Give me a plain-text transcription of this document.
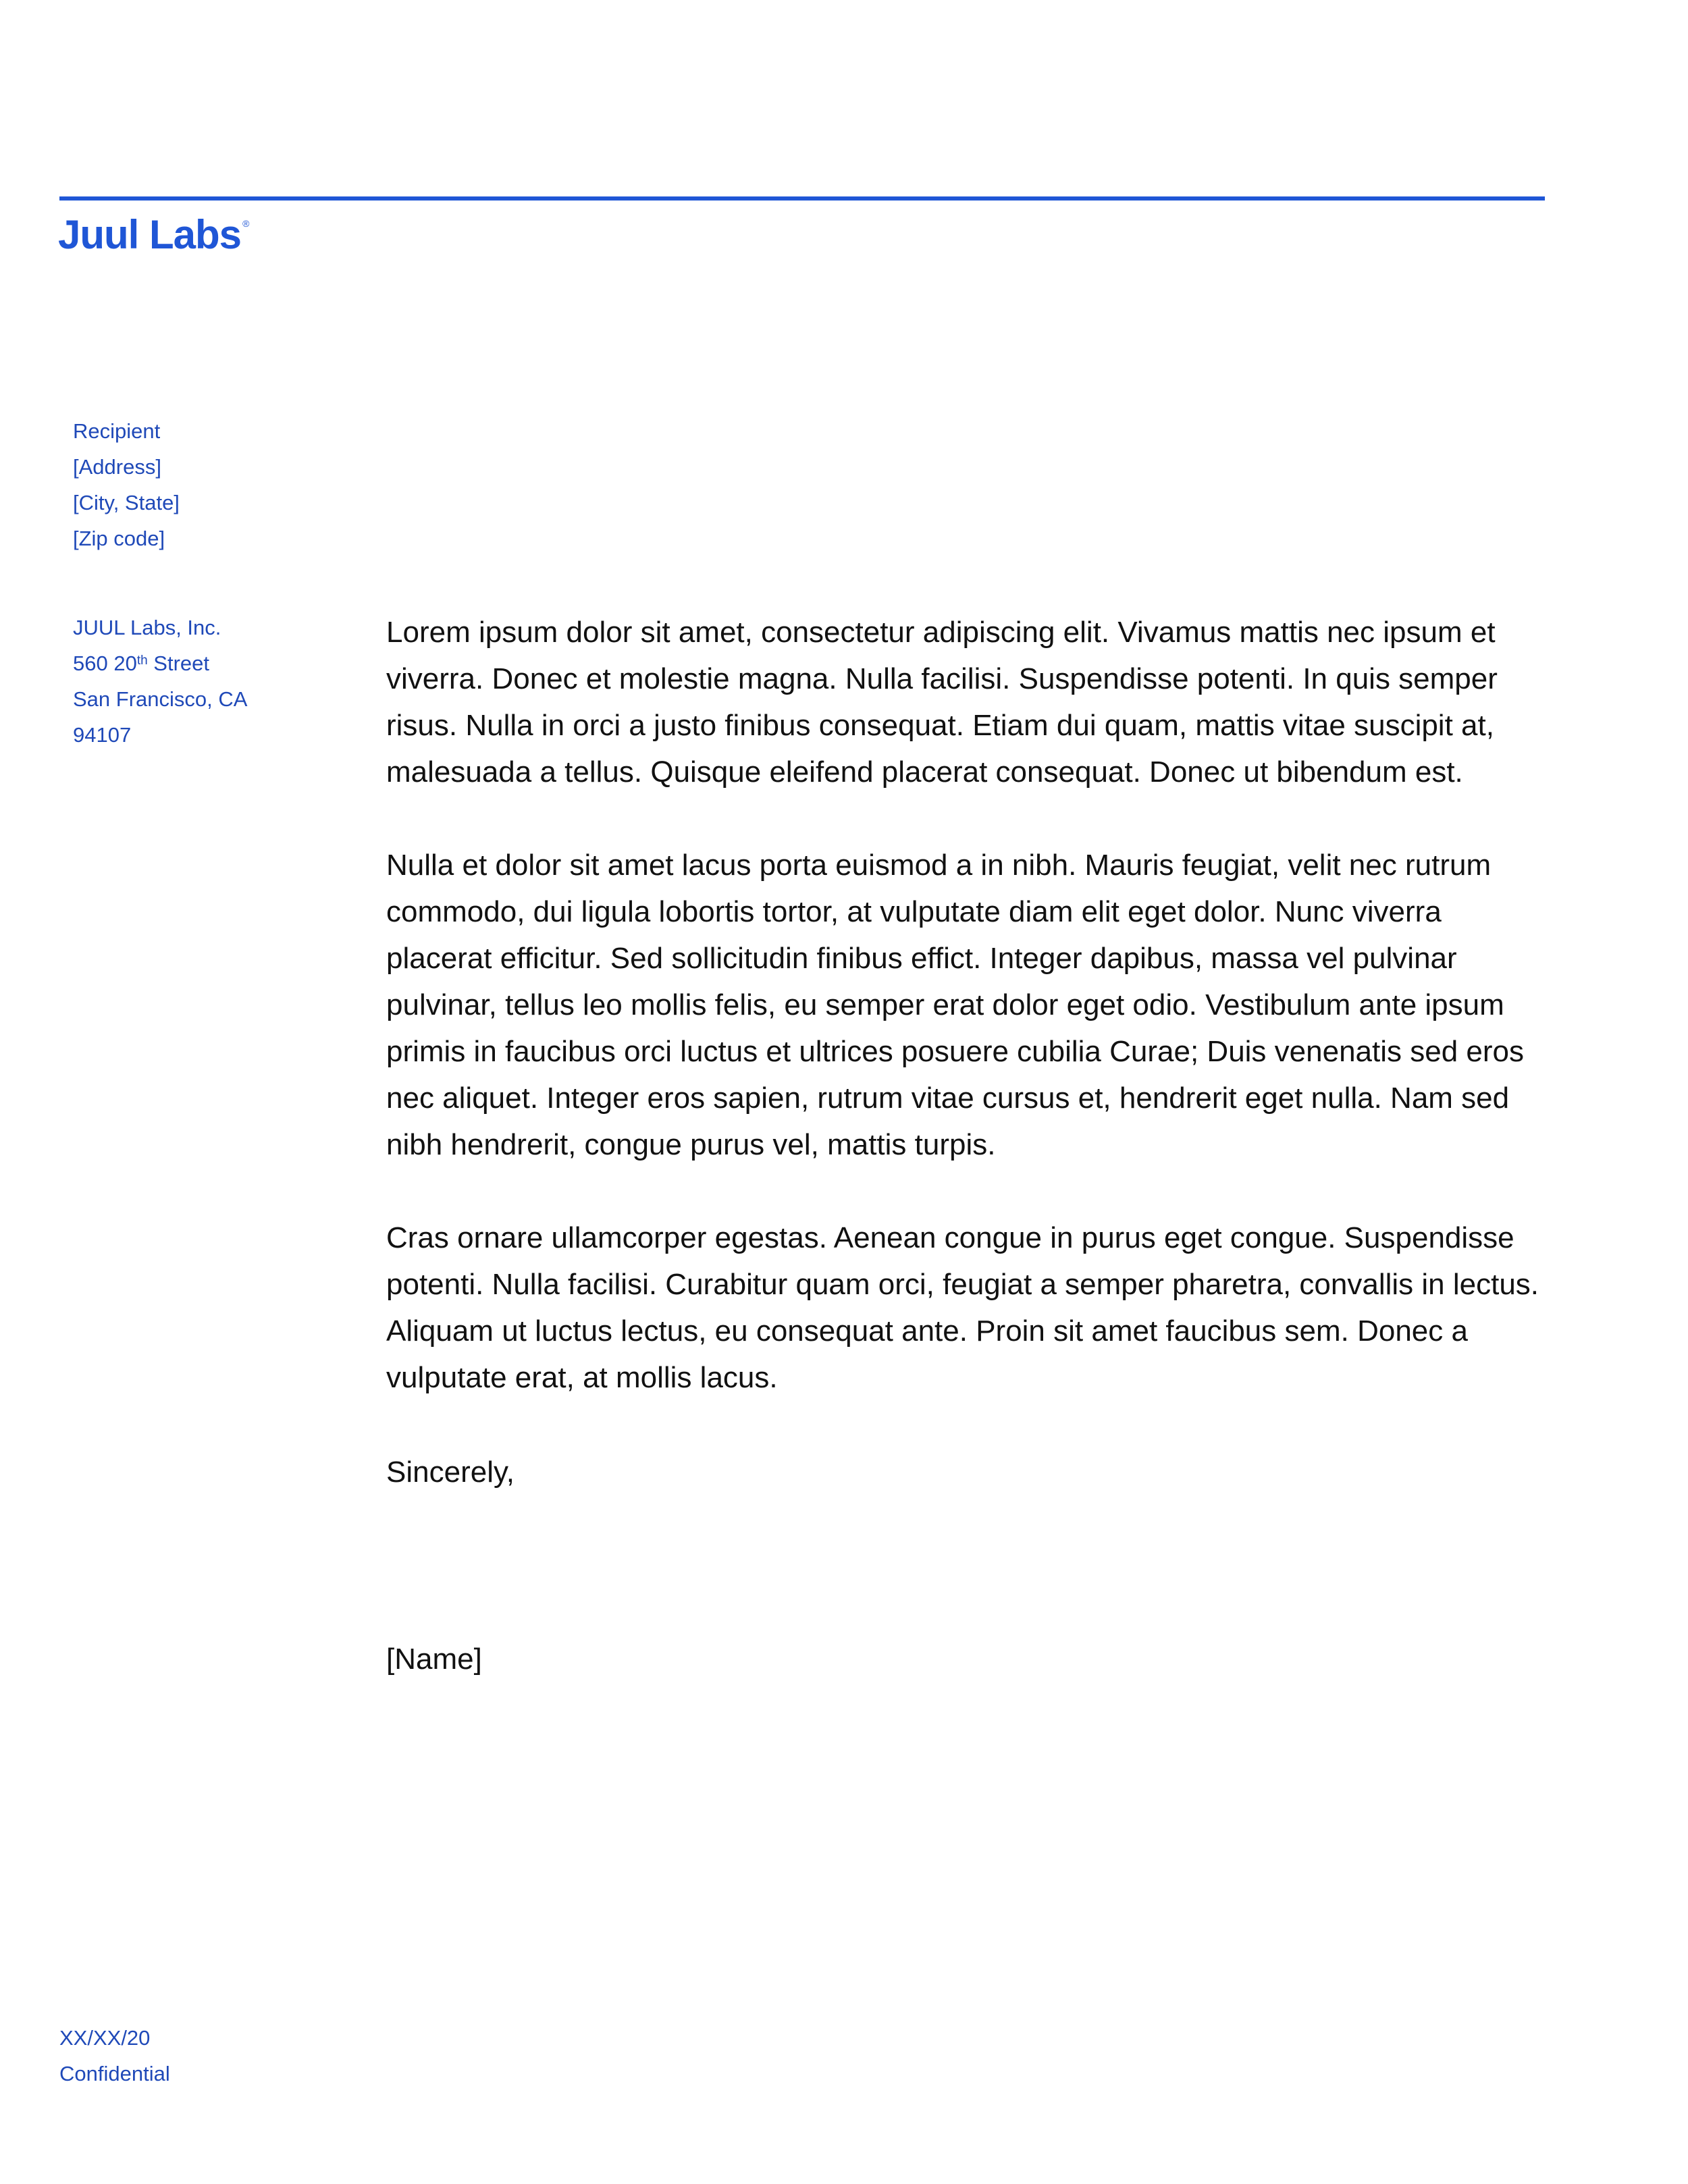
Juul Labs ®
Recipient
[Address]
[City, State]
[Zip code]
JUUL Labs, Inc.
560 20th Street
San Francisco, CA
94107

Lorem ipsum dolor sit amet, consectetur adipiscing elit. Vivamus mattis nec ipsum et viverra. Donec et molestie magna. Nulla facilisi. Suspendisse potenti. In quis semper risus. Nulla in orci a justo finibus consequat. Etiam dui quam, mattis vitae suscipit at, malesuada a tellus. Quisque eleifend placerat consequat. Donec ut bibendum est.

Nulla et dolor sit amet lacus porta euismod a in nibh. Mauris feugiat, velit nec rutrum commodo, dui ligula lobortis tortor, at vulputate diam elit eget dolor. Nunc viverra placerat efficitur. Sed sollicitudin finibus effict. Integer dapibus, massa vel pulvinar pulvinar, tellus leo mollis felis, eu semper erat dolor eget odio. Vestibulum ante ipsum primis in faucibus orci luctus et ultrices posuere cubilia Curae; Duis venenatis sed eros nec aliquet. Integer eros sapien, rutrum vitae cursus et, hendrerit eget nulla. Nam sed nibh hendrerit, congue purus vel, mattis turpis.

Cras ornare ullamcorper egestas. Aenean congue in purus eget congue. Suspendisse potenti. Nulla facilisi. Curabitur quam orci, feugiat a semper pharetra, convallis in lectus. Aliquam ut luctus lectus, eu consequat ante. Proin sit amet faucibus sem. Donec a vulputate erat, at mollis lacus.

Sincerely,
[Name]
XX/XX/20
Confidential
